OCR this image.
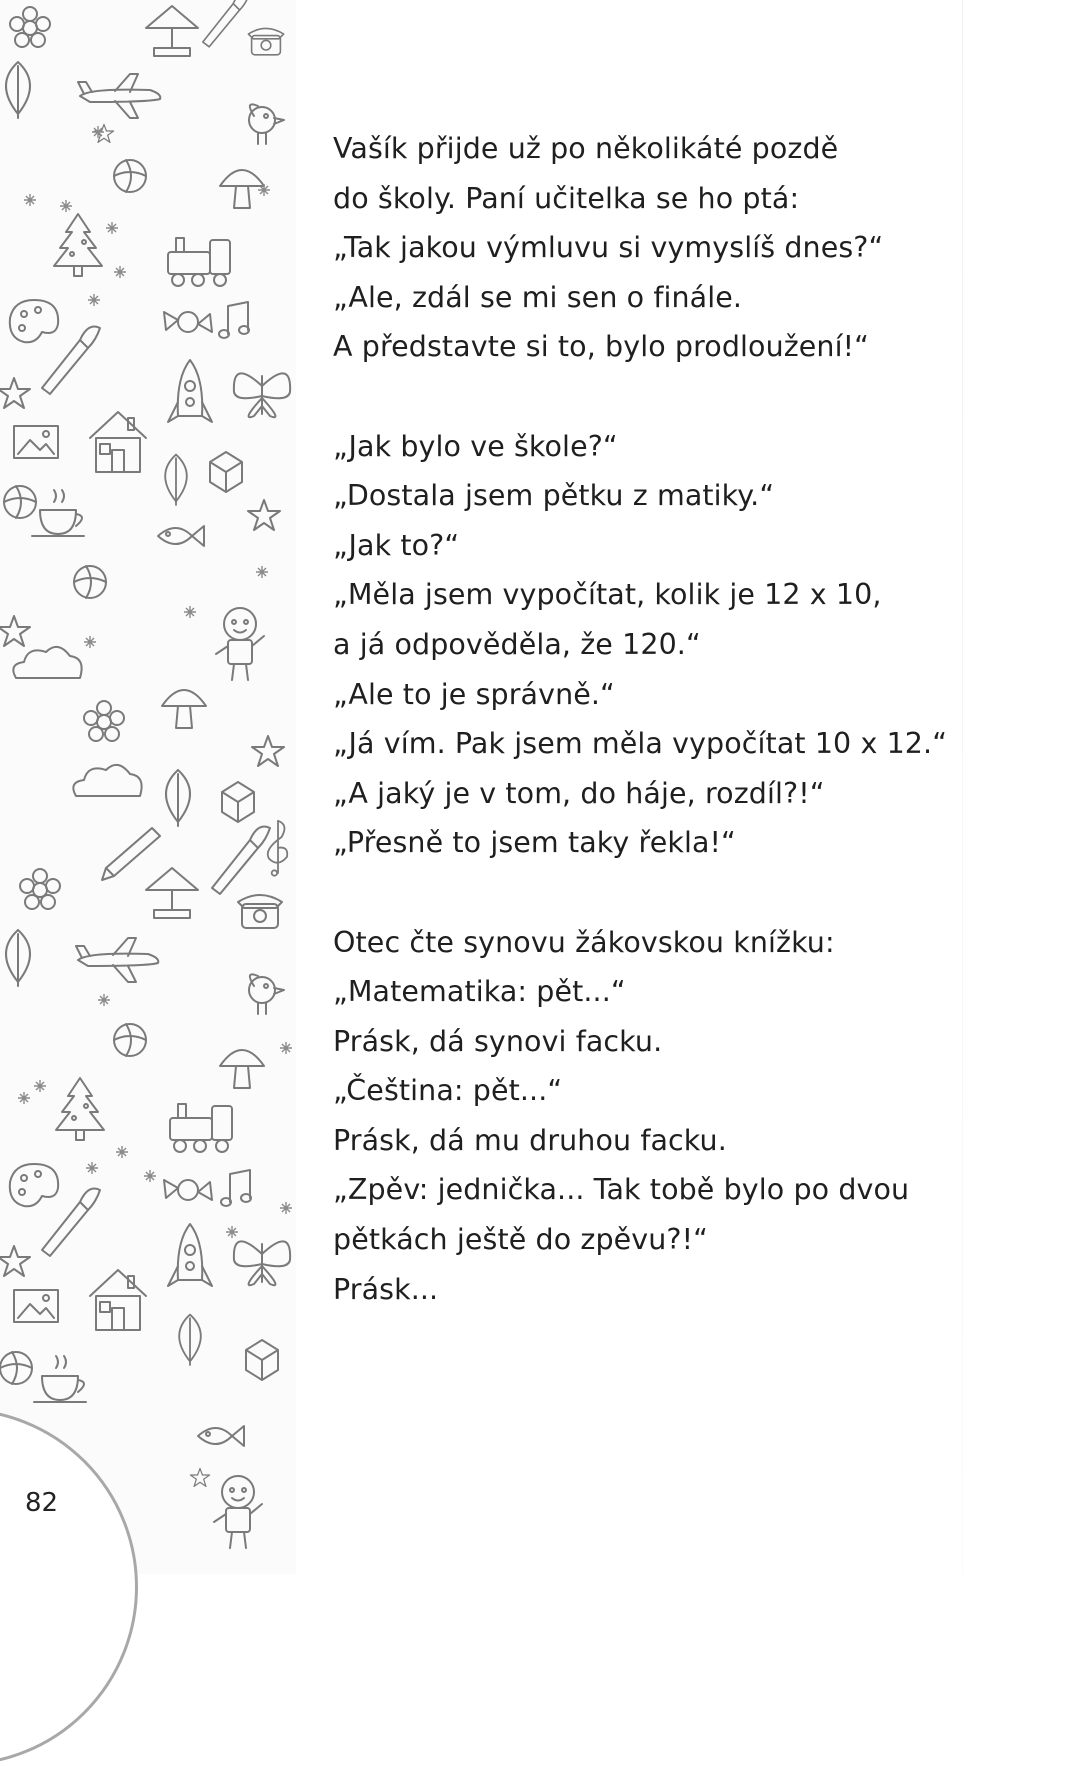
82
Vašík přijde už po několikáté pozdě
do školy. Paní učitelka se ho ptá:
„Tak jakou výmluvu si vymyslíš dnes?“
„Ale, zdál se mi sen o finále.
A představte si to, bylo prodloužení!“
„Jak bylo ve škole?“
„Dostala jsem pětku z matiky.“
„Jak to?“
„Měla jsem vypočítat, kolik je 12 x 10,
a já odpověděla, že 120.“
„Ale to je správně.“
„Já vím. Pak jsem měla vypočítat 10 x 12.“
„A jaký je v tom, do háje, rozdíl?!“
„Přesně to jsem taky řekla!“
Otec čte synovu žákovskou knížku:
„Matematika: pět...“
Prásk, dá synovi facku.
„Čeština: pět...“
Prásk, dá mu druhou facku.
„Zpěv: jednička... Tak tobě bylo po dvou
pětkách ještě do zpěvu?!“
Prásk...
